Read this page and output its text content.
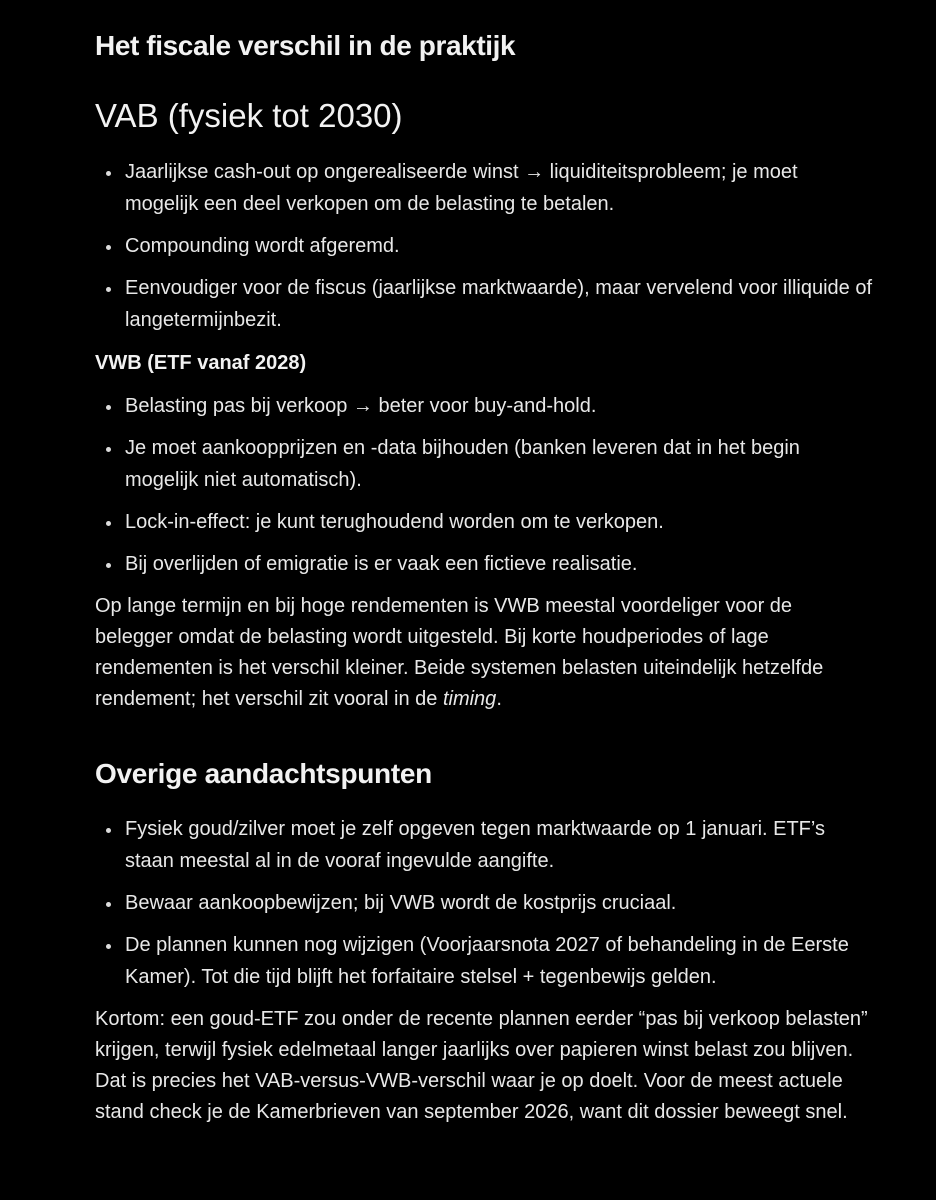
Het fiscale verschil in de praktijk
VAB (fysiek tot 2030)
Jaarlijkse cash-out op ongerealiseerde winst → liquiditeitsprobleem; je moet mogelijk een deel verkopen om de belasting te betalen.
Compounding wordt afgeremd.
Eenvoudiger voor de fiscus (jaarlijkse marktwaarde), maar vervelend voor illiquide of langetermijnbezit.
VWB (ETF vanaf 2028)
Belasting pas bij verkoop → beter voor buy-and-hold.
Je moet aankoopprijzen en -data bijhouden (banken leveren dat in het begin mogelijk niet automatisch).
Lock-in-effect: je kunt terughoudend worden om te verkopen.
Bij overlijden of emigratie is er vaak een fictieve realisatie.

Op lange termijn en bij hoge rendementen is VWB meestal voordeliger voor de belegger omdat de belasting wordt uitgesteld. Bij korte houdperiodes of lage rendementen is het verschil kleiner. Beide systemen belasten uiteindelijk hetzelfde rendement; het verschil zit vooral in de timing.

Overige aandachtspunten
Fysiek goud/zilver moet je zelf opgeven tegen marktwaarde op 1 januari. ETF’s staan meestal al in de vooraf ingevulde aangifte.
Bewaar aankoopbewijzen; bij VWB wordt de kostprijs cruciaal.
De plannen kunnen nog wijzigen (Voorjaarsnota 2027 of behandeling in de Eerste Kamer). Tot die tijd blijft het forfaitaire stelsel + tegenbewijs gelden.

Kortom: een goud-ETF zou onder de recente plannen eerder “pas bij verkoop belasten” krijgen, terwijl fysiek edelmetaal langer jaarlijks over papieren winst belast zou blijven. Dat is precies het VAB-versus-VWB-verschil waar je op doelt. Voor de meest actuele stand check je de Kamerbrieven van september 2026, want dit dossier beweegt snel.
